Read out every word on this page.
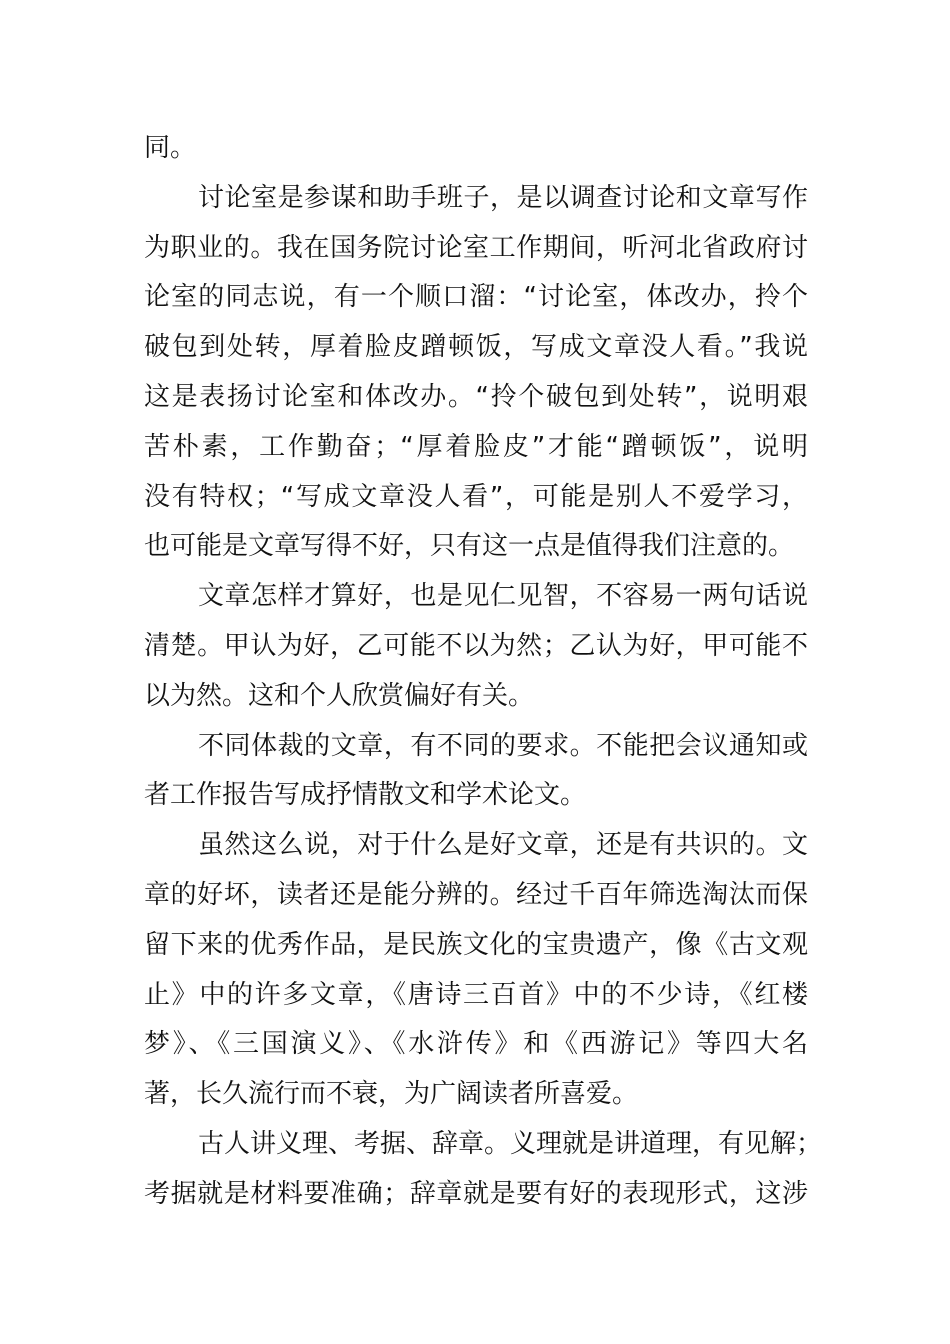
同。
讨论室是参谋和助手班子，是以调查讨论和文章写作
为职业的。我在国务院讨论室工作期间，听河北省政府讨
论室的同志说，有一个顺口溜：“讨论室，体改办，拎个
破包到处转，厚着脸皮蹭顿饭，写成文章没人看。”我说
这是表扬讨论室和体改办。“拎个破包到处转”，说明艰
苦朴素，工作勤奋；“厚着脸皮”才能“蹭顿饭”，说明
没有特权；“写成文章没人看”，可能是别人不爱学习，
也可能是文章写得不好，只有这一点是值得我们注意的。
文章怎样才算好，也是见仁见智，不容易一两句话说
清楚。甲认为好，乙可能不以为然；乙认为好，甲可能不
以为然。这和个人欣赏偏好有关。
不同体裁的文章，有不同的要求。不能把会议通知或
者工作报告写成抒情散文和学术论文。
虽然这么说，对于什么是好文章，还是有共识的。文
章的好坏，读者还是能分辨的。经过千百年筛选淘汰而保
留下来的优秀作品，是民族文化的宝贵遗产，像《古文观
止》中的许多文章，《唐诗三百首》中的不少诗，《红楼
梦》、《三国演义》、《水浒传》和《西游记》等四大名
著，长久流行而不衰，为广阔读者所喜爱。
古人讲义理、考据、辞章。义理就是讲道理，有见解；
考据就是材料要准确；辞章就是要有好的表现形式，这涉
